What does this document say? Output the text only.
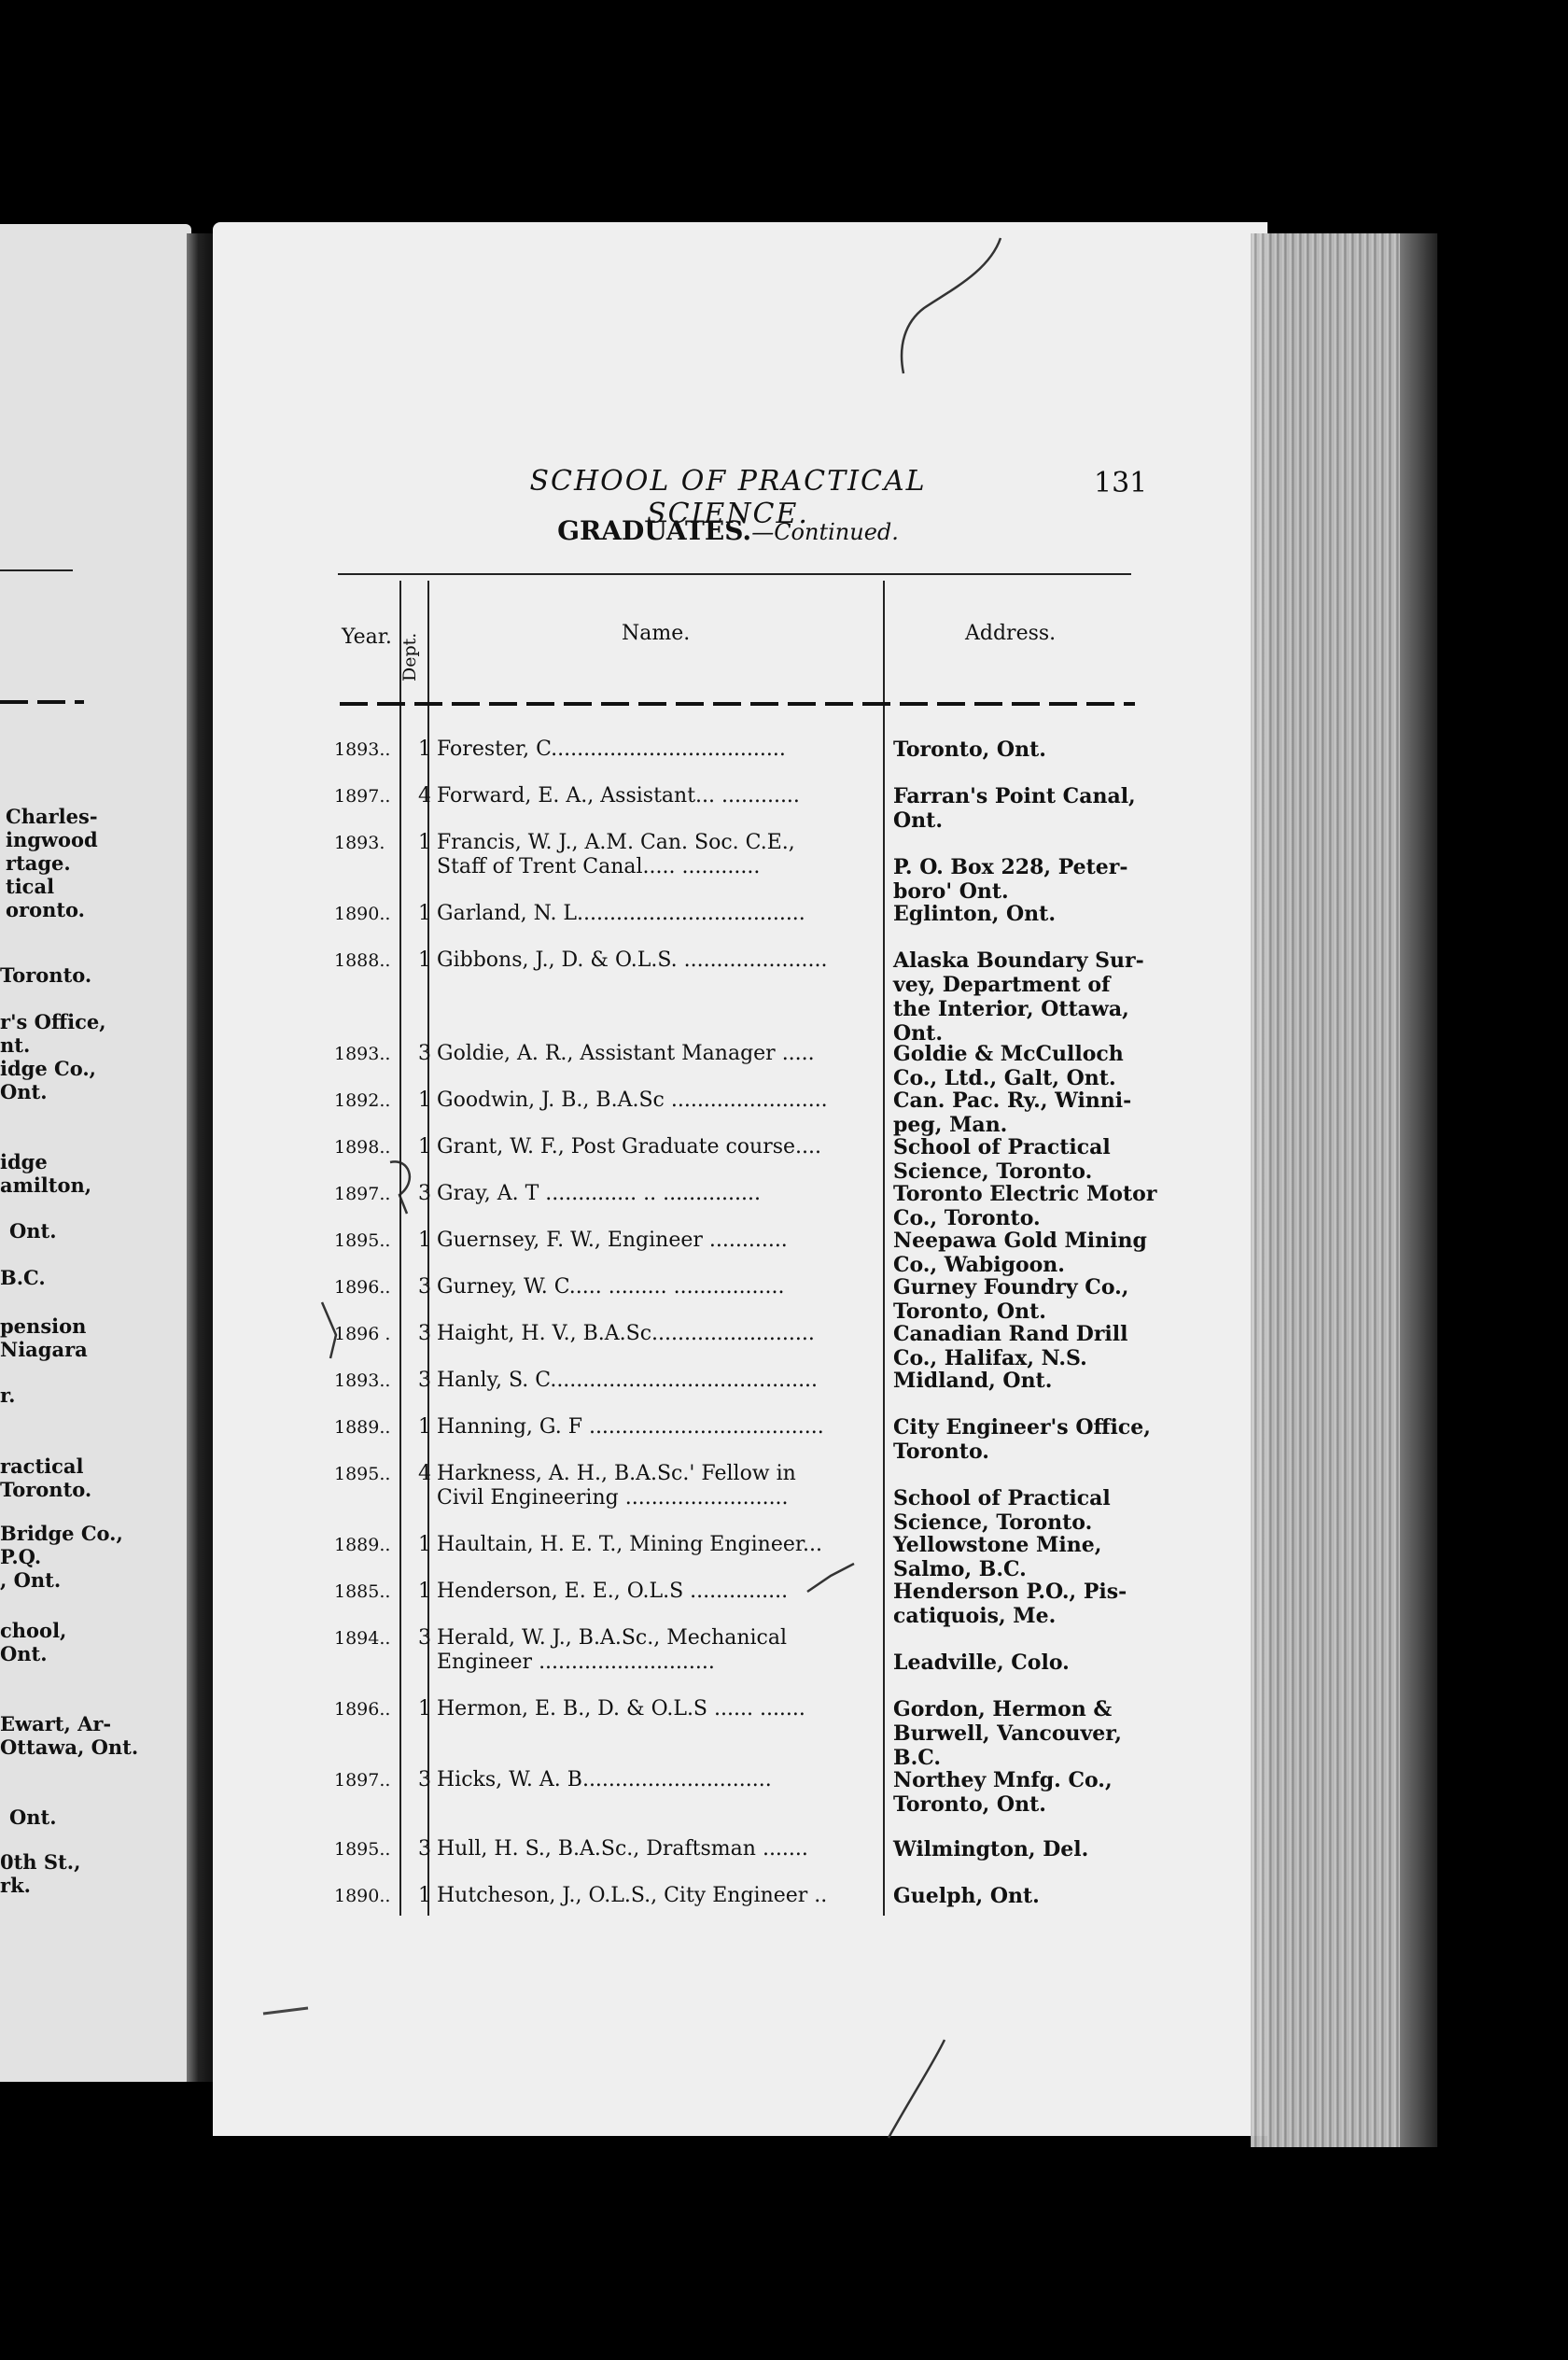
Charles-
ingwood
rtage.
tical
oronto.
Toronto.
r's Office,
nt.
idge Co.,
Ont.
idge
amilton,
Ont.
B.C.
pension
Niagara
r.
ractical
Toronto.
Bridge Co.,
P.Q.
, Ont.
chool,
Ont.
Ewart, Ar-
Ottawa, Ont.
Ont.
0th St.,
rk.
SCHOOL OF PRACTICAL SCIENCE.
131
GRADUATES.—Continued.
Year. Dept.	Name.	Address.
1893..	1 Forester, C....................................	Toronto, Ont.
1897..	4 Forward, E. A., Assistant... ............	Farran's Point Canal,
Ont.
1893.	1 Francis, W. J., A.M. Can. Soc. C.E.,
Staff of Trent Canal..... ............	
P. O. Box 228, Peter-
boro' Ont.
1890..	1 Garland, N. L...................................	Eglinton, Ont.
1888..	1 Gibbons, J., D. & O.L.S. ......................	Alaska Boundary Sur-
vey, Department of
the Interior, Ottawa,
Ont.
1893..	3 Goldie, A. R., Assistant Manager .....	Goldie & McCulloch
Co., Ltd., Galt, Ont.
1892..	1 Goodwin, J. B., B.A.Sc ........................	Can. Pac. Ry., Winni-
peg, Man.
1898..	1 Grant, W. F., Post Graduate course....	School of Practical
Science, Toronto.
1897..	3 Gray, A. T .............. .. ...............	Toronto Electric Motor
Co., Toronto.
1895..	1 Guernsey, F. W., Engineer ............	Neepawa Gold Mining
Co., Wabigoon.
1896..	3 Gurney, W. C..... ......... .................	Gurney Foundry Co.,
Toronto, Ont.
1896 .	3 Haight, H. V., B.A.Sc.........................	Canadian Rand Drill
Co., Halifax, N.S.
1893..	3 Hanly, S. C.........................................	Midland, Ont.
1889..	1 Hanning, G. F ....................................	City Engineer's Office,
Toronto.
1895..	4 Harkness, A. H., B.A.Sc.' Fellow in
Civil Engineering .........................	
School of Practical
Science, Toronto.
1889..	1 Haultain, H. E. T., Mining Engineer...	Yellowstone Mine,
Salmo, B.C.
1885..	1 Henderson, E. E., O.L.S ...............	Henderson P.O., Pis-
catiquois, Me.
1894..	3 Herald, W. J., B.A.Sc., Mechanical
Engineer ...........................	
Leadville, Colo.
1896..	1 Hermon, E. B., D. & O.L.S ...... .......	Gordon, Hermon &
Burwell, Vancouver,
B.C.
1897..	3 Hicks, W. A. B.............................	Northey Mnfg. Co.,
Toronto, Ont.
1895..	3 Hull, H. S., B.A.Sc., Draftsman .......	Wilmington, Del.
1890..	1 Hutcheson, J., O.L.S., City Engineer ..	Guelph, Ont.
